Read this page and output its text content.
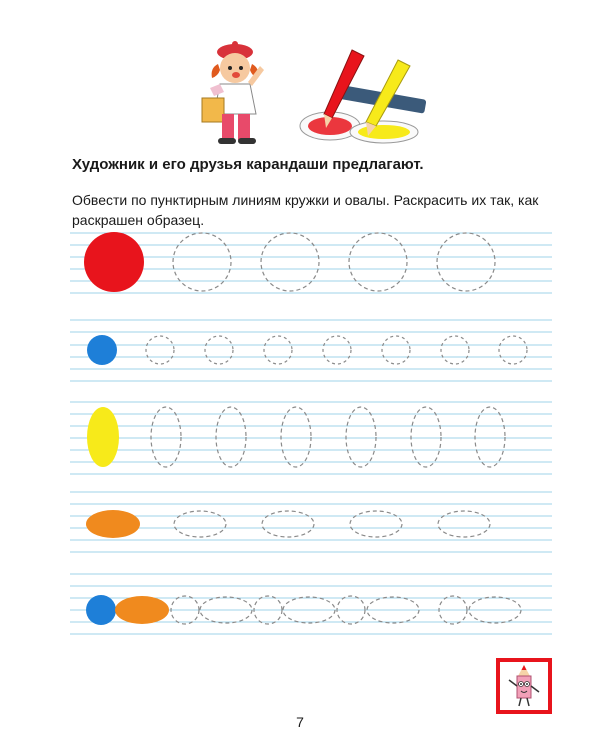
Художник и его друзья карандаши предлагают.
Обвести по пунктирным линиям кружки и овалы. Раскрасить их так, как раскрашен образец.
7
